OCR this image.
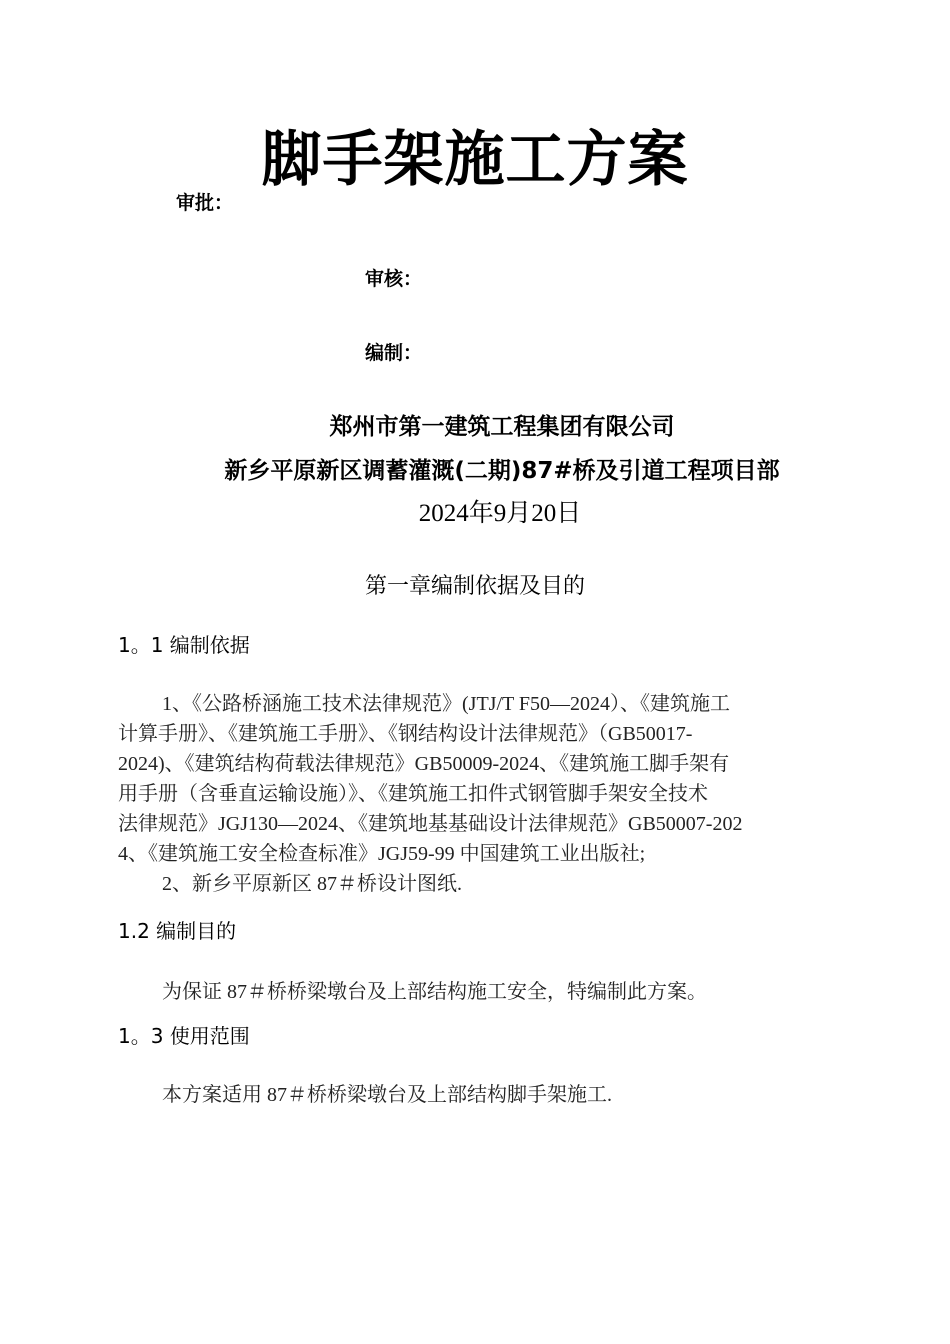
脚手架施工方案
审批：
审核：
编制：
郑州市第一建筑工程集团有限公司
新乡平原新区调蓄灌溉(二期)87#桥及引道工程项目部
2024年9月20日
第一章编制依据及目的
1。1 编制依据
1、《公路桥涵施工技术法律规范》(JTJ/T F50—2024）、《建筑施工
计算手册》、《建筑施工手册》、《钢结构设计法律规范》（GB50017-
2024)、《建筑结构荷载法律规范》GB50009-2024、《建筑施工脚手架有
用手册（含垂直运输设施）》、《建筑施工扣件式钢管脚手架安全技术
法律规范》JGJ130—2024、《建筑地基基础设计法律规范》GB50007-202
4、《建筑施工安全检查标准》JGJ59-99 中国建筑工业出版社;
2、新乡平原新区 87＃桥设计图纸.
1.2 编制目的
为保证 87＃桥桥梁墩台及上部结构施工安全，特编制此方案。
1。3 使用范围
本方案适用 87＃桥桥梁墩台及上部结构脚手架施工.
